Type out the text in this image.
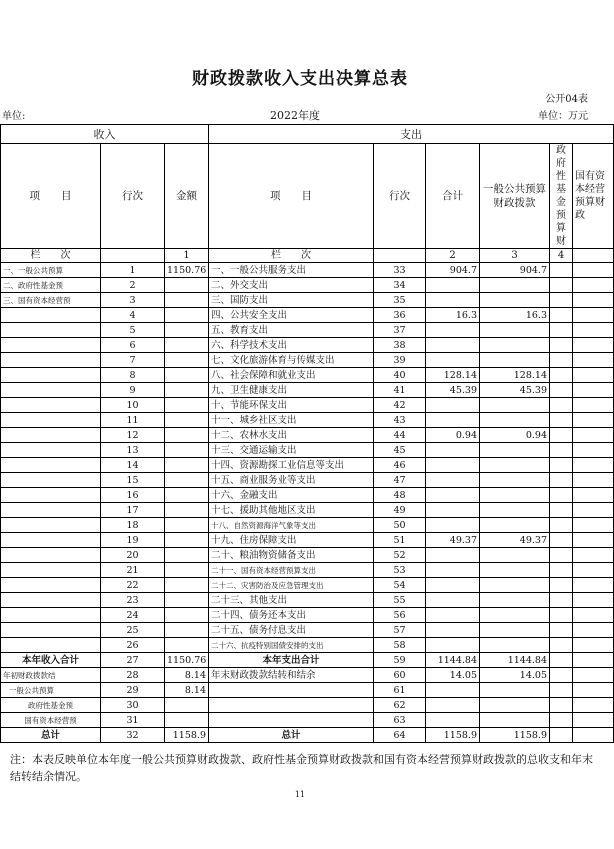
财政拨款收入支出决算总表
公开04表
单位:	2022年度	单位：万元
收入			支出					
项　　目	行次	金额	项　　目	行次	合计	一般公共预算财政拨款	政府性基金预算财	国有资本经营预算财政
栏　　次		1	栏　　次		2	3	4	
一、一般公共预算	1	1150.76	一、一般公共服务支出	33	904.7	904.7		
二、政府性基金预	2		二、外交支出	34				
三、国有资本经营预	3		三、国防支出	35				
	4		四、公共安全支出	36	16.3	16.3		
	5		五、教育支出	37				
	6		六、科学技术支出	38				
	7		七、文化旅游体育与传媒支出	39				
	8		八、社会保障和就业支出	40	128.14	128.14		
	9		九、卫生健康支出	41	45.39	45.39		
	10		十、节能环保支出	42				
	11		十一、城乡社区支出	43				
	12		十二、农林水支出	44	0.94	0.94		
	13		十三、交通运输支出	45				
	14		十四、资源勘探工业信息等支出	46				
	15		十五、商业服务业等支出	47				
	16		十六、金融支出	48				
	17		十七、援助其他地区支出	49				
	18		十八、自然资源海洋气象等支出	50				
	19		十九、住房保障支出	51	49.37	49.37		
	20		二十、粮油物资储备支出	52				
	21		二十一、国有资本经营预算支出	53				
	22		二十二、灾害防治及应急管理支出	54				
	23		二十三、其他支出	55				
	24		二十四、债务还本支出	56				
	25		二十五、债务付息支出	57				
	26		二十六、抗疫特别国债安排的支出	58				
本年收入合计	27	1150.76	本年支出合计	59	1144.84	1144.84		
年初财政拨款结	28	8.14	年末财政拨款结转和结余	60	14.05	14.05		
一般公共预算	29	8.14		61				
政府性基金预	30			62				
国有资本经营预	31			63				
总计	32	1158.9	总计	64	1158.9	1158.9		
注：本表反映单位本年度一般公共预算财政拨款、政府性基金预算财政拨款和国有资本经营预算财政拨款的总收支和年末结转结余情况。
11
